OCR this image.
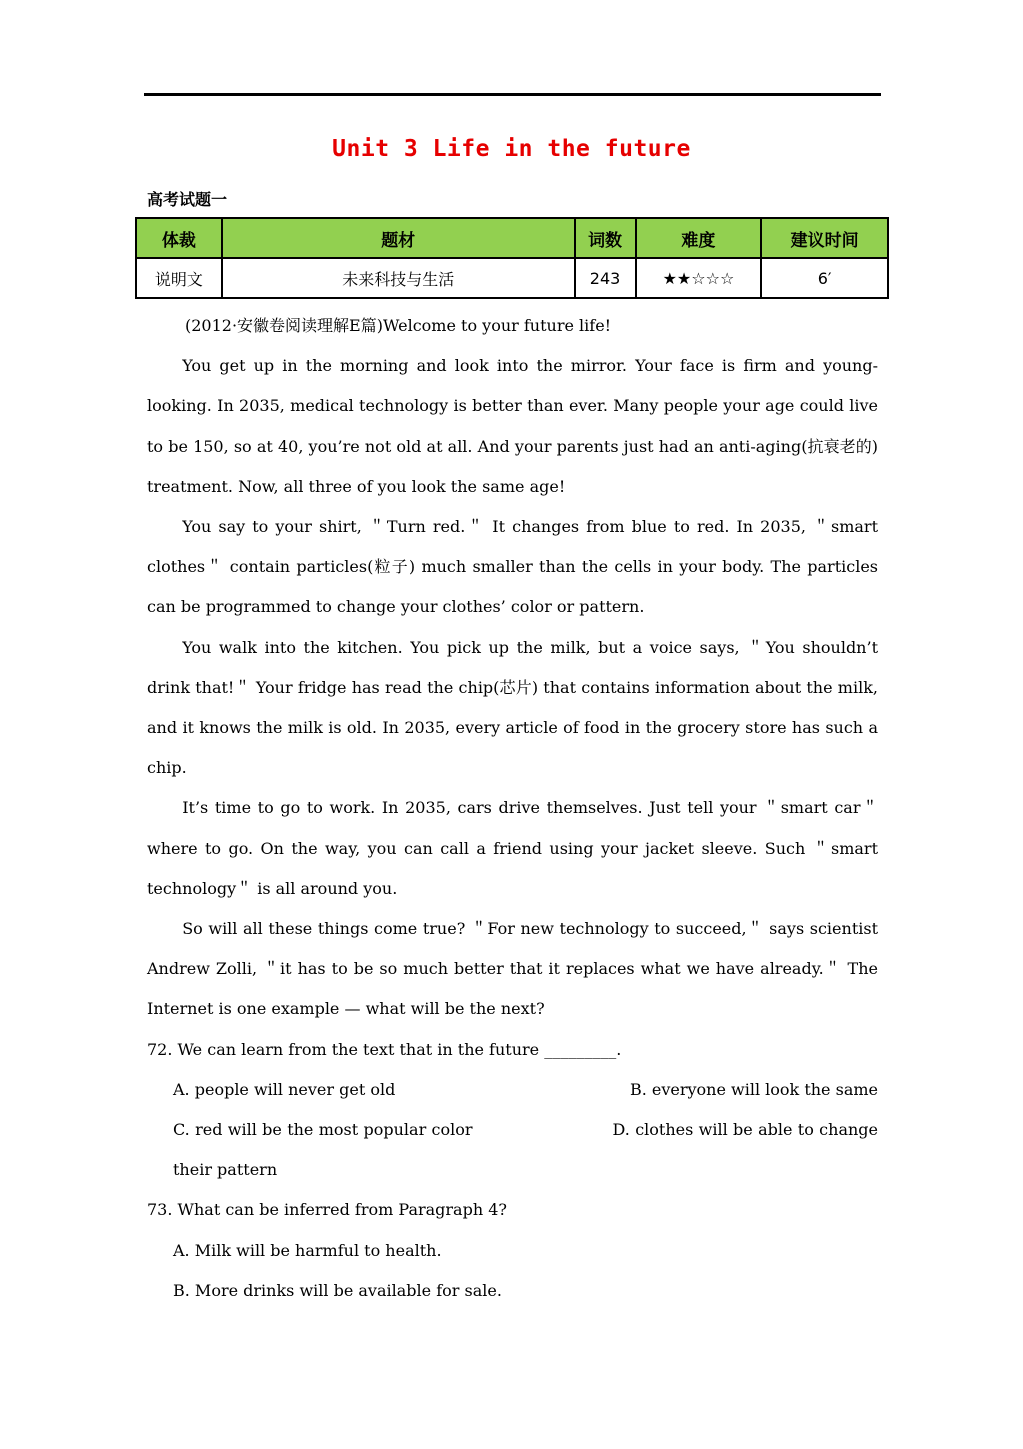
Unit 3 Life in the future
高考试题一
体裁	题材	词数	难度	建议时间
说明文	未来科技与生活	243	★★☆☆☆	6′

(2012·安徽卷阅读理解E篇)Welcome to your future life!

You get up in the morning and look into the mirror. Your face is firm and young-looking. In 2035, medical technology is better than ever. Many people your age could live to be 150, so at 40, you’re not old at all. And your parents just had an anti-aging(抗衰老的) treatment. Now, all three of you look the same age!

You say to your shirt, ＂Turn red.＂ It changes from blue to red. In 2035, ＂smart clothes＂ contain particles(粒子) much smaller than the cells in your body. The particles can be programmed to change your clothes’ color or pattern.

You walk into the kitchen. You pick up the milk, but a voice says, ＂You shouldn’t drink that!＂ Your fridge has read the chip(芯片) that contains information about the milk, and it knows the milk is old. In 2035, every article of food in the grocery store has such a chip.

It’s time to go to work. In 2035, cars drive themselves. Just tell your ＂smart car＂ where to go. On the way, you can call a friend using your jacket sleeve. Such ＂smart technology＂ is all around you.

So will all these things come true? ＂For new technology to succeed,＂ says scientist Andrew Zolli, ＂it has to be so much better that it replaces what we have already.＂ The Internet is one example — what will be the next?

72. We can learn from the text that in the future _________.

A. people will never get old	B. everyone will look the same

C. red will be the most popular color	D. clothes will be able to change their pattern

73. What can be inferred from Paragraph 4?

A. Milk will be harmful to health.

B. More drinks will be available for sale.
